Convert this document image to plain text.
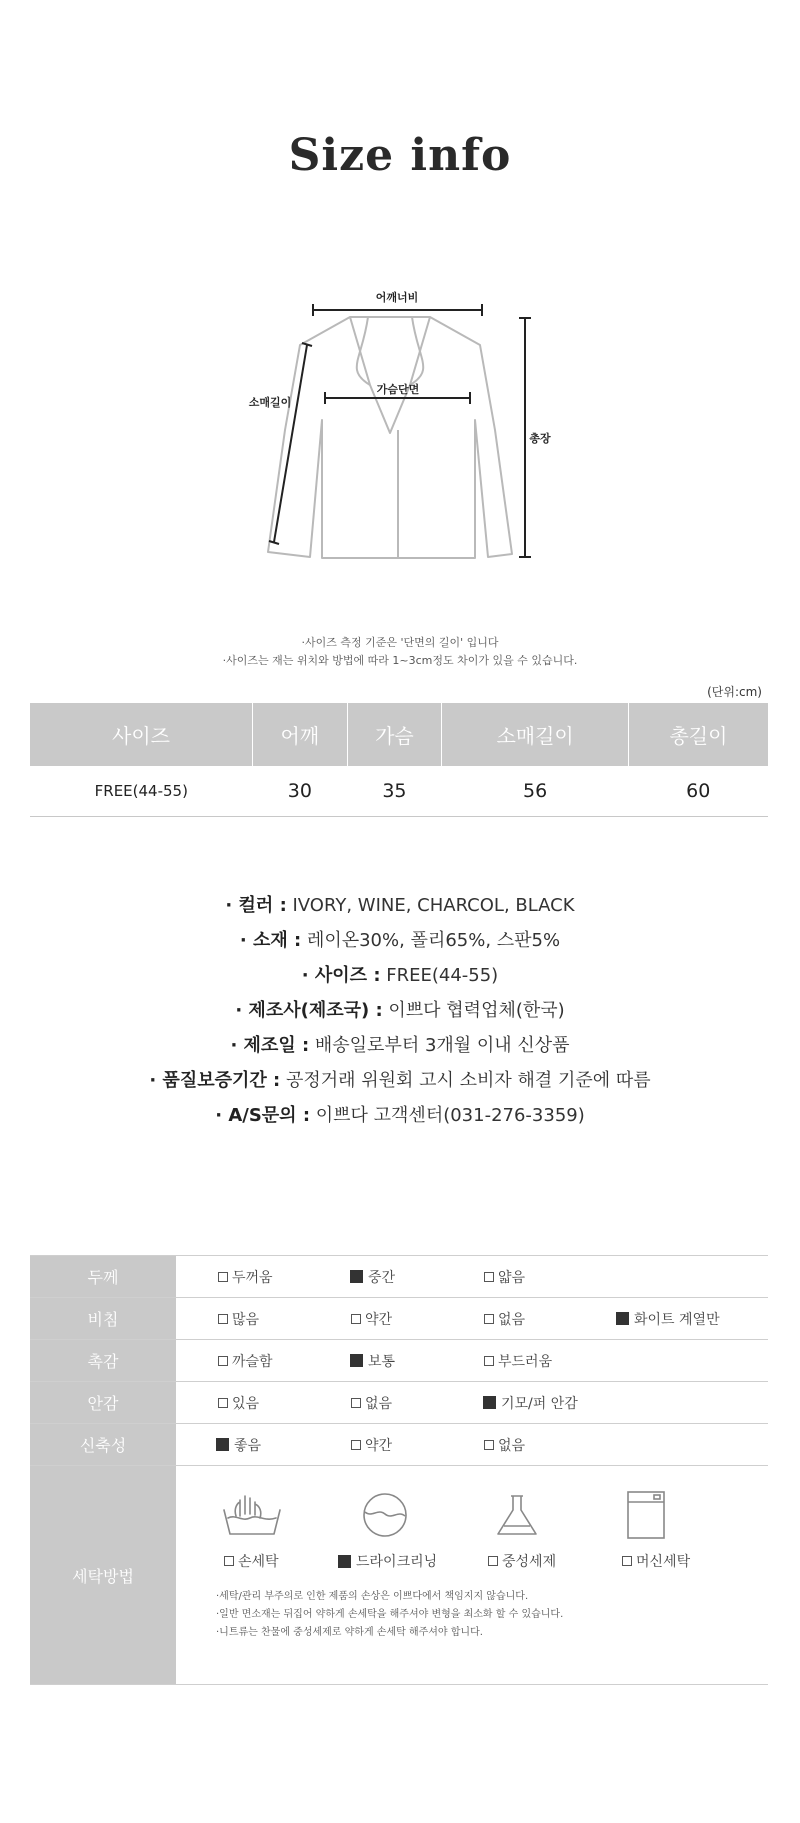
Size info
어깨너비
가슴단면
소매길이
총장
·사이즈 측정 기준은 '단면의 길이' 입니다
·사이즈는 재는 위치와 방법에 따라 1~3cm정도 차이가 있을 수 있습니다.
(단위:cm)
사이즈	어깨	가슴	소매길이	총길이
FREE(44-55)	30	35	56	60
· 컬러 : IVORY, WINE, CHARCOL, BLACK
· 소재 : 레이온30%, 폴리65%, 스판5%
· 사이즈 : FREE(44-55)
· 제조사(제조국) : 이쁘다 협력업체(한국)
· 제조일 : 배송일로부터 3개월 이내 신상품
· 품질보증기간 : 공정거래 위원회 고시 소비자 해결 기준에 따름
· A/S문의 : 이쁘다 고객센터(031-276-3359)
두께	두꺼움	중간	얇음
비침	많음	약간	없음	화이트 계열만
촉감	까슬함	보통	부드러움
안감	있음	없음	기모/퍼 안감
신축성	좋음	약간	없음
세탁방법
손세탁	드라이크리닝	중성세제	머신세탁
·세탁/관리 부주의로 인한 제품의 손상은 이쁘다에서 책임지지 않습니다.
·일반 면소재는 뒤집어 약하게 손세탁을 해주셔야 변형을 최소화 할 수 있습니다.
·니트류는 찬물에 중성세제로 약하게 손세탁 해주셔야 합니다.
